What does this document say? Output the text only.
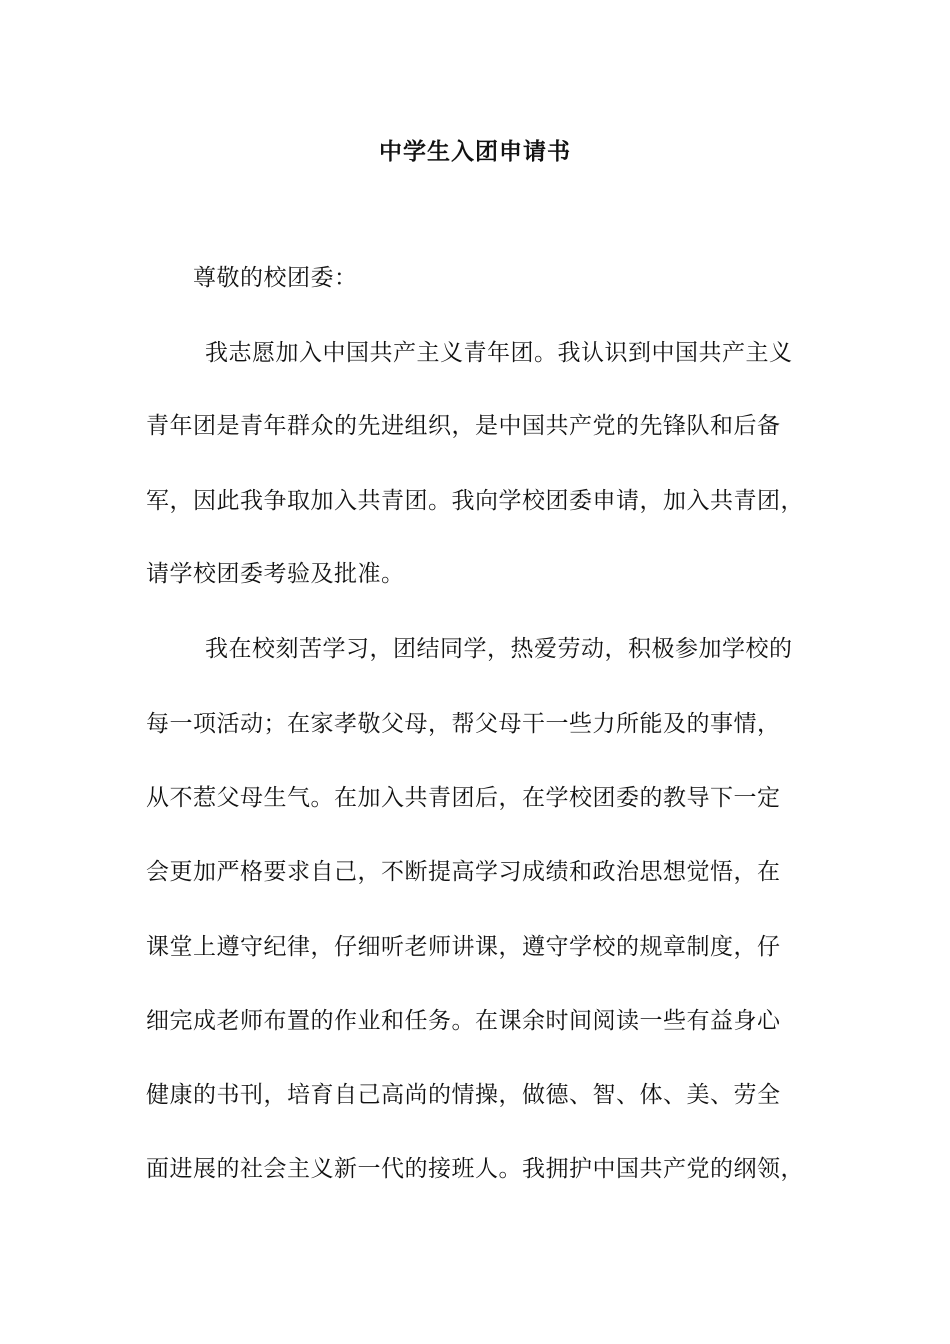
中学生入团申请书
尊敬的校团委：
我志愿加入中国共产主义青年团。我认识到中国共产主义
青年团是青年群众的先进组织，是中国共产党的先锋队和后备
军，因此我争取加入共青团。我向学校团委申请，加入共青团，
请学校团委考验及批准。
我在校刻苦学习，团结同学，热爱劳动，积极参加学校的
每一项活动；在家孝敬父母，帮父母干一些力所能及的事情，
从不惹父母生气。在加入共青团后，在学校团委的教导下一定
会更加严格要求自己，不断提高学习成绩和政治思想觉悟，在
课堂上遵守纪律，仔细听老师讲课，遵守学校的规章制度，仔
细完成老师布置的作业和任务。在课余时间阅读一些有益身心
健康的书刊，培育自己高尚的情操，做德、智、体、美、劳全
面进展的社会主义新一代的接班人。我拥护中国共产党的纲领，
